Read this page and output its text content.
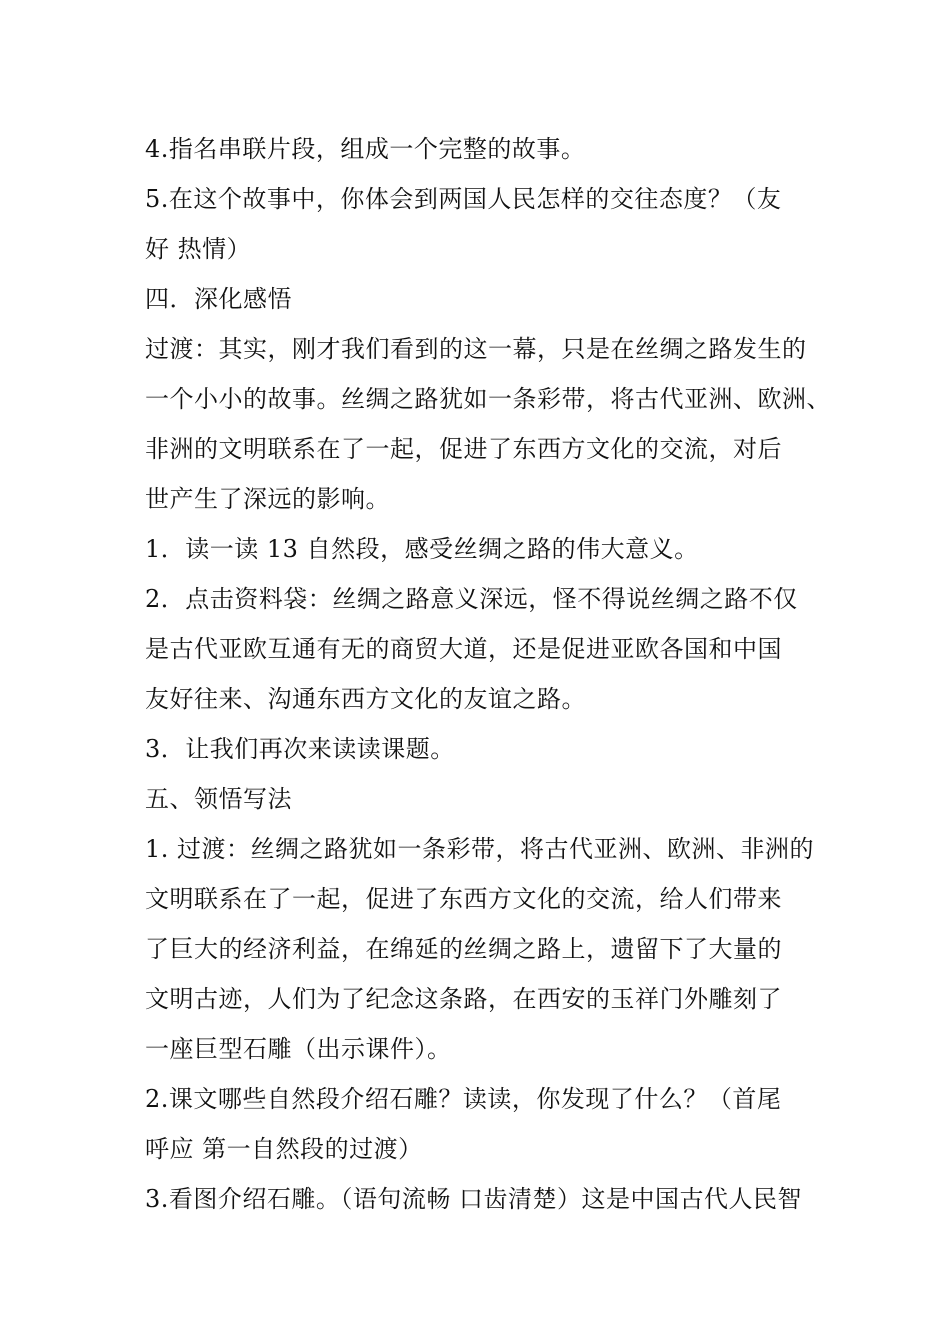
4.指名串联片段，组成一个完整的故事。
5.在这个故事中，你体会到两国人民怎样的交往态度？（友
好 热情）
四．深化感悟
过渡：其实，刚才我们看到的这一幕，只是在丝绸之路发生的
一个小小的故事。丝绸之路犹如一条彩带，将古代亚洲、欧洲、
非洲的文明联系在了一起，促进了东西方文化的交流，对后
世产生了深远的影响。
1．读一读 13 自然段，感受丝绸之路的伟大意义。
2．点击资料袋：丝绸之路意义深远，怪不得说丝绸之路不仅
是古代亚欧互通有无的商贸大道，还是促进亚欧各国和中国
友好往来、沟通东西方文化的友谊之路。
3．让我们再次来读读课题。
五、领悟写法
1. 过渡：丝绸之路犹如一条彩带，将古代亚洲、欧洲、非洲的
文明联系在了一起，促进了东西方文化的交流，给人们带来
了巨大的经济利益，在绵延的丝绸之路上，遗留下了大量的
文明古迹，人们为了纪念这条路，在西安的玉祥门外雕刻了
一座巨型石雕（出示课件）。
2.课文哪些自然段介绍石雕？读读，你发现了什么？（首尾
呼应 第一自然段的过渡）
3.看图介绍石雕。（语句流畅 口齿清楚）这是中国古代人民智
